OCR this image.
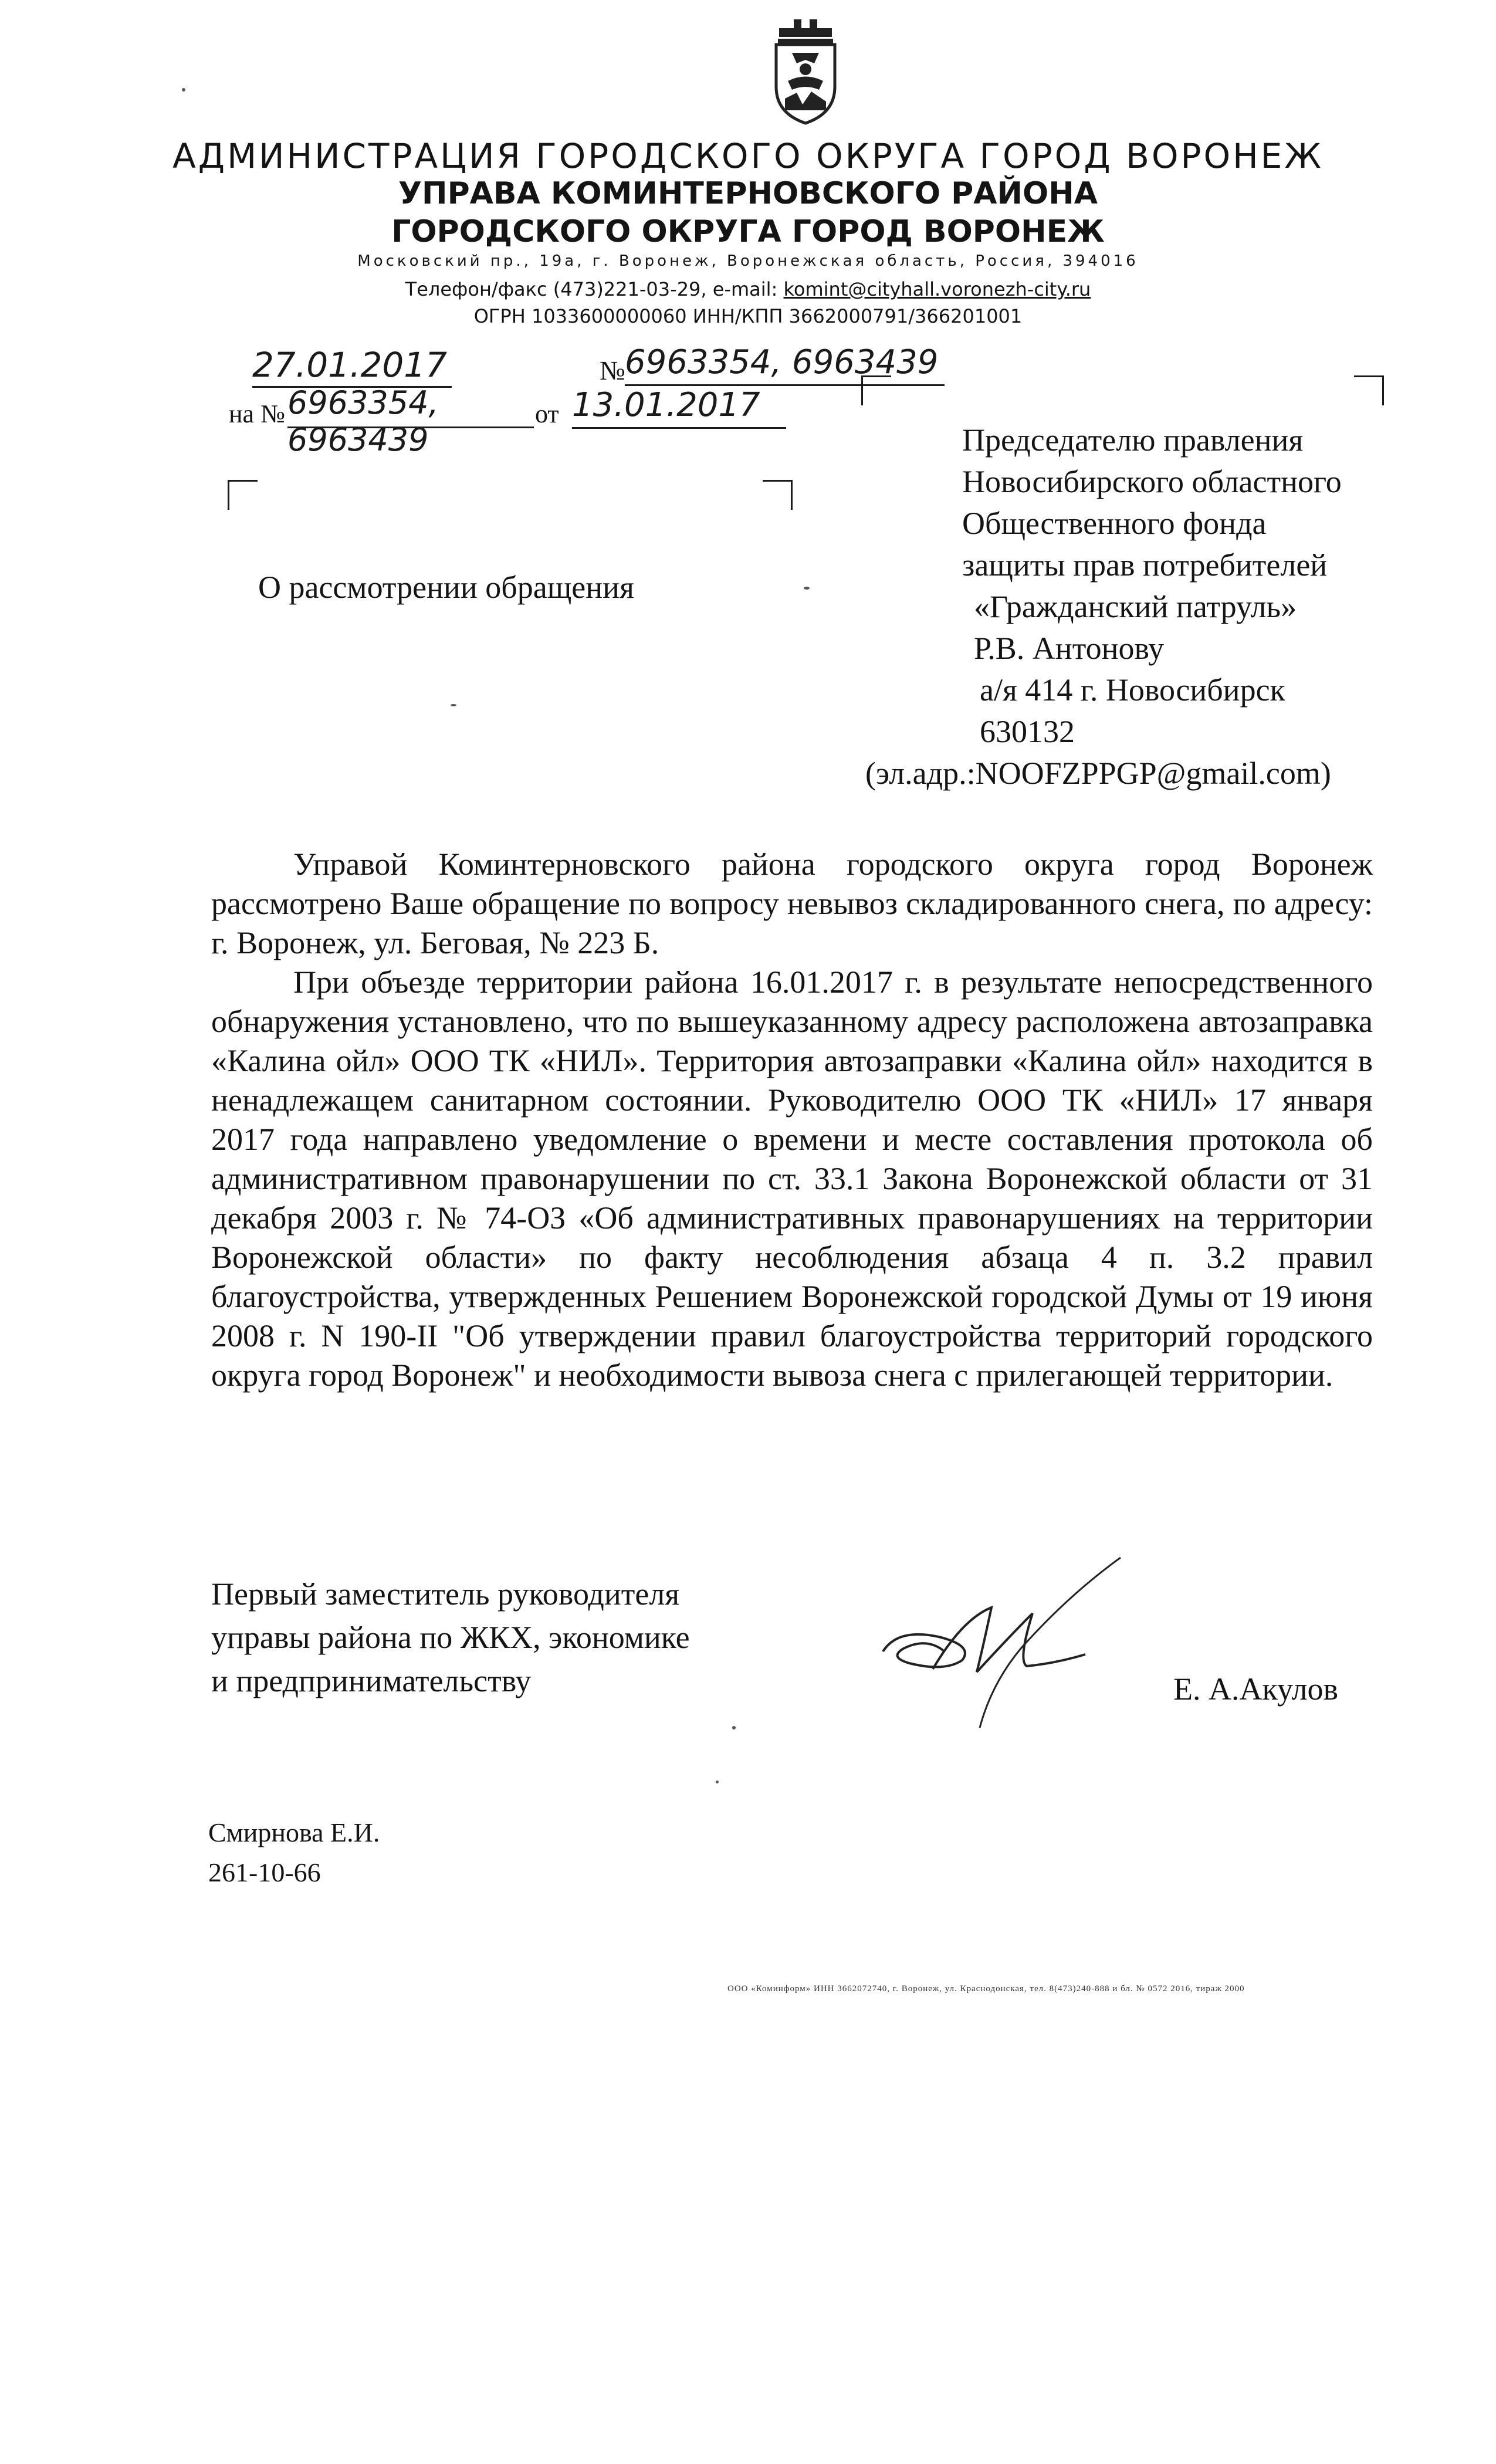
АДМИНИСТРАЦИЯ ГОРОДСКОГО ОКРУГА ГОРОД ВОРОНЕЖ
УПРАВА КОМИНТЕРНОВСКОГО РАЙОНА
ГОРОДСКОГО ОКРУГА ГОРОД ВОРОНЕЖ
Московский пр., 19а, г. Воронеж, Воронежская область, Россия, 394016
Телефон/факс (473)221-03-29, e-mail: komint@cityhall.voronezh-city.ru
ОГРН 1033600000060 ИНН/КПП 3662000791/366201001
27.01.2017	№ 6963354, 6963439
на № 6963354, 6963439
от 13.01.2017
О рассмотрении обращения
Председателю правления
Новосибирского областного
Общественного фонда
защиты прав потребителей
«Гражданский патруль»
Р.В. Антонову
а/я 414 г. Новосибирск
630132
(эл.адр.:NOOFZPPGP@gmail.com)

Управой Коминтерновского района городского округа город Воронеж рассмотрено Ваше обращение по вопросу невывоз складированного снега, по адресу: г. Воронеж, ул. Беговая, № 223 Б.

При объезде территории района 16.01.2017 г. в результате непосредственного обнаружения установлено, что по вышеуказанному адресу расположена автозаправка «Калина ойл» ООО ТК «НИЛ». Территория автозаправки «Калина ойл» находится в ненадлежащем санитарном состоянии. Руководителю ООО ТК «НИЛ» 17 января 2017 года направлено уведомление о времени и месте составления протокола об административном правонарушении по ст. 33.1 Закона Воронежской области от 31 декабря 2003 г. № 74-ОЗ «Об административных правонарушениях на территории Воронежской области» по факту несоблюдения абзаца 4 п. 3.2 правил благоустройства, утвержденных Решением Воронежской городской Думы от 19 июня 2008 г. N 190-II "Об утверждении правил благоустройства территорий городского округа город Воронеж" и необходимости вывоза снега с прилегающей территории.

Первый заместитель руководителя
управы района по ЖКХ, экономике
и предпринимательству	Е. А.Акулов
Смирнова Е.И.
261-10-66
ООО «Коминформ» ИНН 3662072740, г. Воронеж, ул. Краснодонская, тел. 8(473)240-888 и бл. № 0572 2016, тираж 2000
